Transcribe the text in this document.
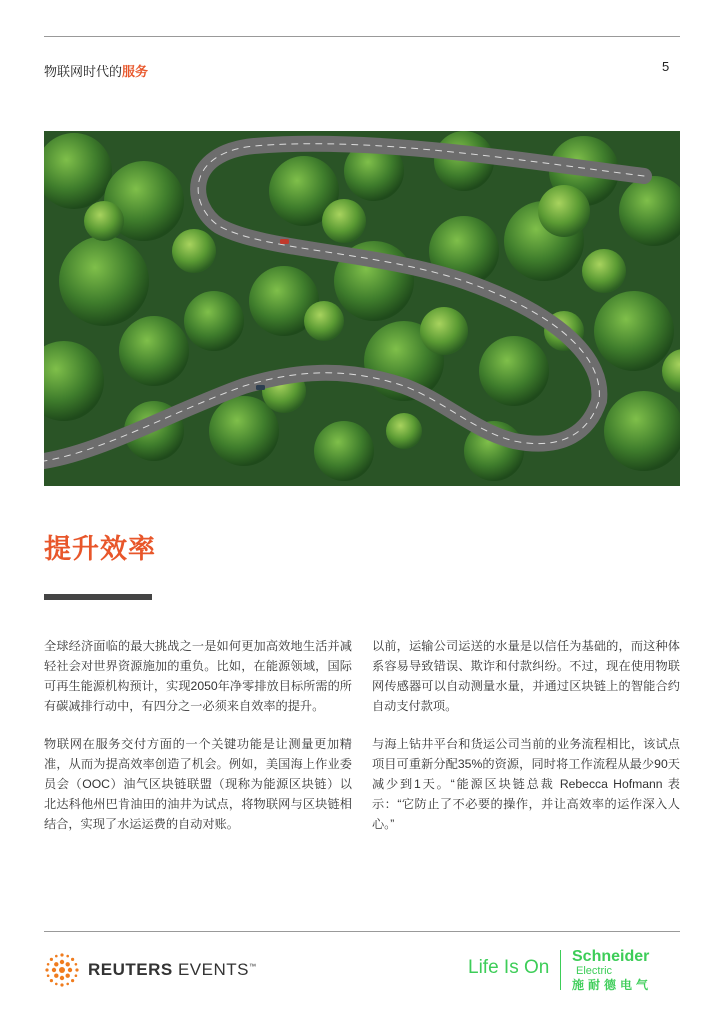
物联网时代的服务	5
提升效率

全球经济面临的最大挑战之一是如何更加高效地生活并减轻社会对世界资源施加的重负。比如，在能源领域，国际可再生能源机构预计，实现2050年净零排放目标所需的所有碳减排行动中，有四分之一必须来自效率的提升。

物联网在服务交付方面的一个关键功能是让测量更加精准，从而为提高效率创造了机会。例如，美国海上作业委员会（OOC）油气区块链联盟（现称为能源区块链）以北达科他州巴肯油田的油井为试点，将物联网与区块链相结合，实现了水运运费的自动对账。

以前，运输公司运送的水量是以信任为基础的，而这种体系容易导致错误、欺诈和付款纠纷。不过，现在使用物联网传感器可以自动测量水量，并通过区块链上的智能合约自动支付款项。

与海上钻井平台和货运公司当前的业务流程相比，该试点项目可重新分配35%的资源，同时将工作流程从最少90天减少到1天。“能源区块链总裁 Rebecca Hofmann 表示：“它防止了不必要的操作，并让高效率的运作深入人心。”

REUTERS EVENTS™	Life Is On
Schneider
Electric
施耐德电气
